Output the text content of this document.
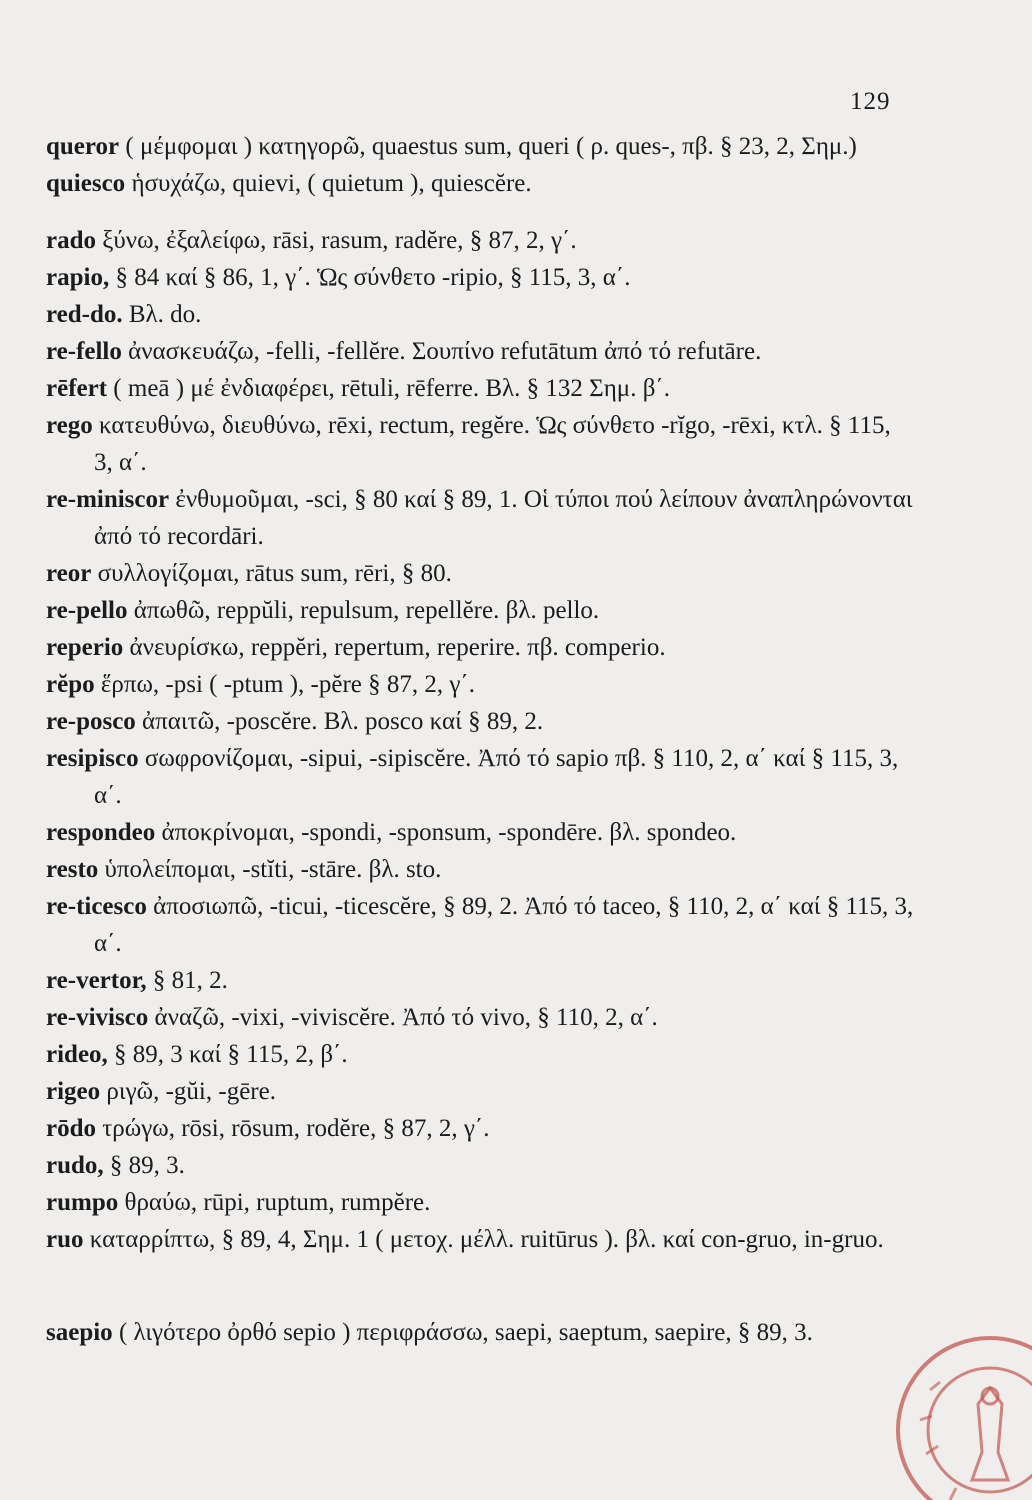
129
queror ( μέμφομαι ) κατηγορῶ, quaestus sum, queri ( ρ. ques-, πβ. § 23, 2, Σημ.)
quiesco ἡσυχάζω, quievi, ( quietum ), quiescĕre.
rado ξύνω, ἐξαλείφω, rāsi, rasum, radĕre, § 87, 2, γ΄.
rapio, § 84 καί § 86, 1, γ΄. Ὡς σύνθετο -ripio, § 115, 3, α΄.
red-do. Βλ. do.
re-fello ἀνασκευάζω, -felli, -fellĕre. Σουπίνο refutātum ἀπό τό refutāre.
rēfert ( meā ) μέ ἐνδιαφέρει, rētuli, rēferre. Βλ. § 132 Σημ. β΄.
rego κατευθύνω, διευθύνω, rēxi, rectum, regĕre. Ὡς σύνθετο -rĭgo, -rēxi, κτλ. § 115, 3, α΄.
re-miniscor ἐνθυμοῦμαι, -sci, § 80 καί § 89, 1. Οἱ τύποι πού λείπουν ἀναπληρώνονται ἀπό τό recordāri.
reor συλλογίζομαι, rātus sum, rēri, § 80.
re-pello ἀπωθῶ, reppŭli, repulsum, repellĕre. βλ. pello.
reperio ἀνευρίσκω, reppĕri, repertum, reperire. πβ. comperio.
rĕpo ἕρπω, -psi ( -ptum ), -pĕre § 87, 2, γ΄.
re-posco ἀπαιτῶ, -poscĕre. Βλ. posco καί § 89, 2.
resipisco σωφρονίζομαι, -sipui, -sipiscĕre. Ἀπό τό sapio πβ. § 110, 2, α΄ καί § 115, 3, α΄.
respondeo ἀποκρίνομαι, -spondi, -sponsum, -spondēre. βλ. spondeo.
resto ὑπολείπομαι, -stĭti, -stāre. βλ. sto.
re-ticesco ἀποσιωπῶ, -ticui, -ticescĕre, § 89, 2. Ἀπό τό taceo, § 110, 2, α΄ καί § 115, 3, α΄.
re-vertor, § 81, 2.
re-vivisco ἀναζῶ, -vixi, -viviscĕre. Ἀπό τό vivo, § 110, 2, α΄.
rideo, § 89, 3 καί § 115, 2, β΄.
rigeo ριγῶ, -gŭi, -gēre.
rōdo τρώγω, rōsi, rōsum, rodĕre, § 87, 2, γ΄.
rudo, § 89, 3.
rumpo θραύω, rūpi, ruptum, rumpĕre.
ruo καταρρίπτω, § 89, 4, Σημ. 1 ( μετοχ. μέλλ. ruitūrus ). βλ. καί con-gruo, in-gruo.
saepio ( λιγότερο ὀρθό sepio ) περιφράσσω, saepi, saeptum, saepire, § 89, 3.
